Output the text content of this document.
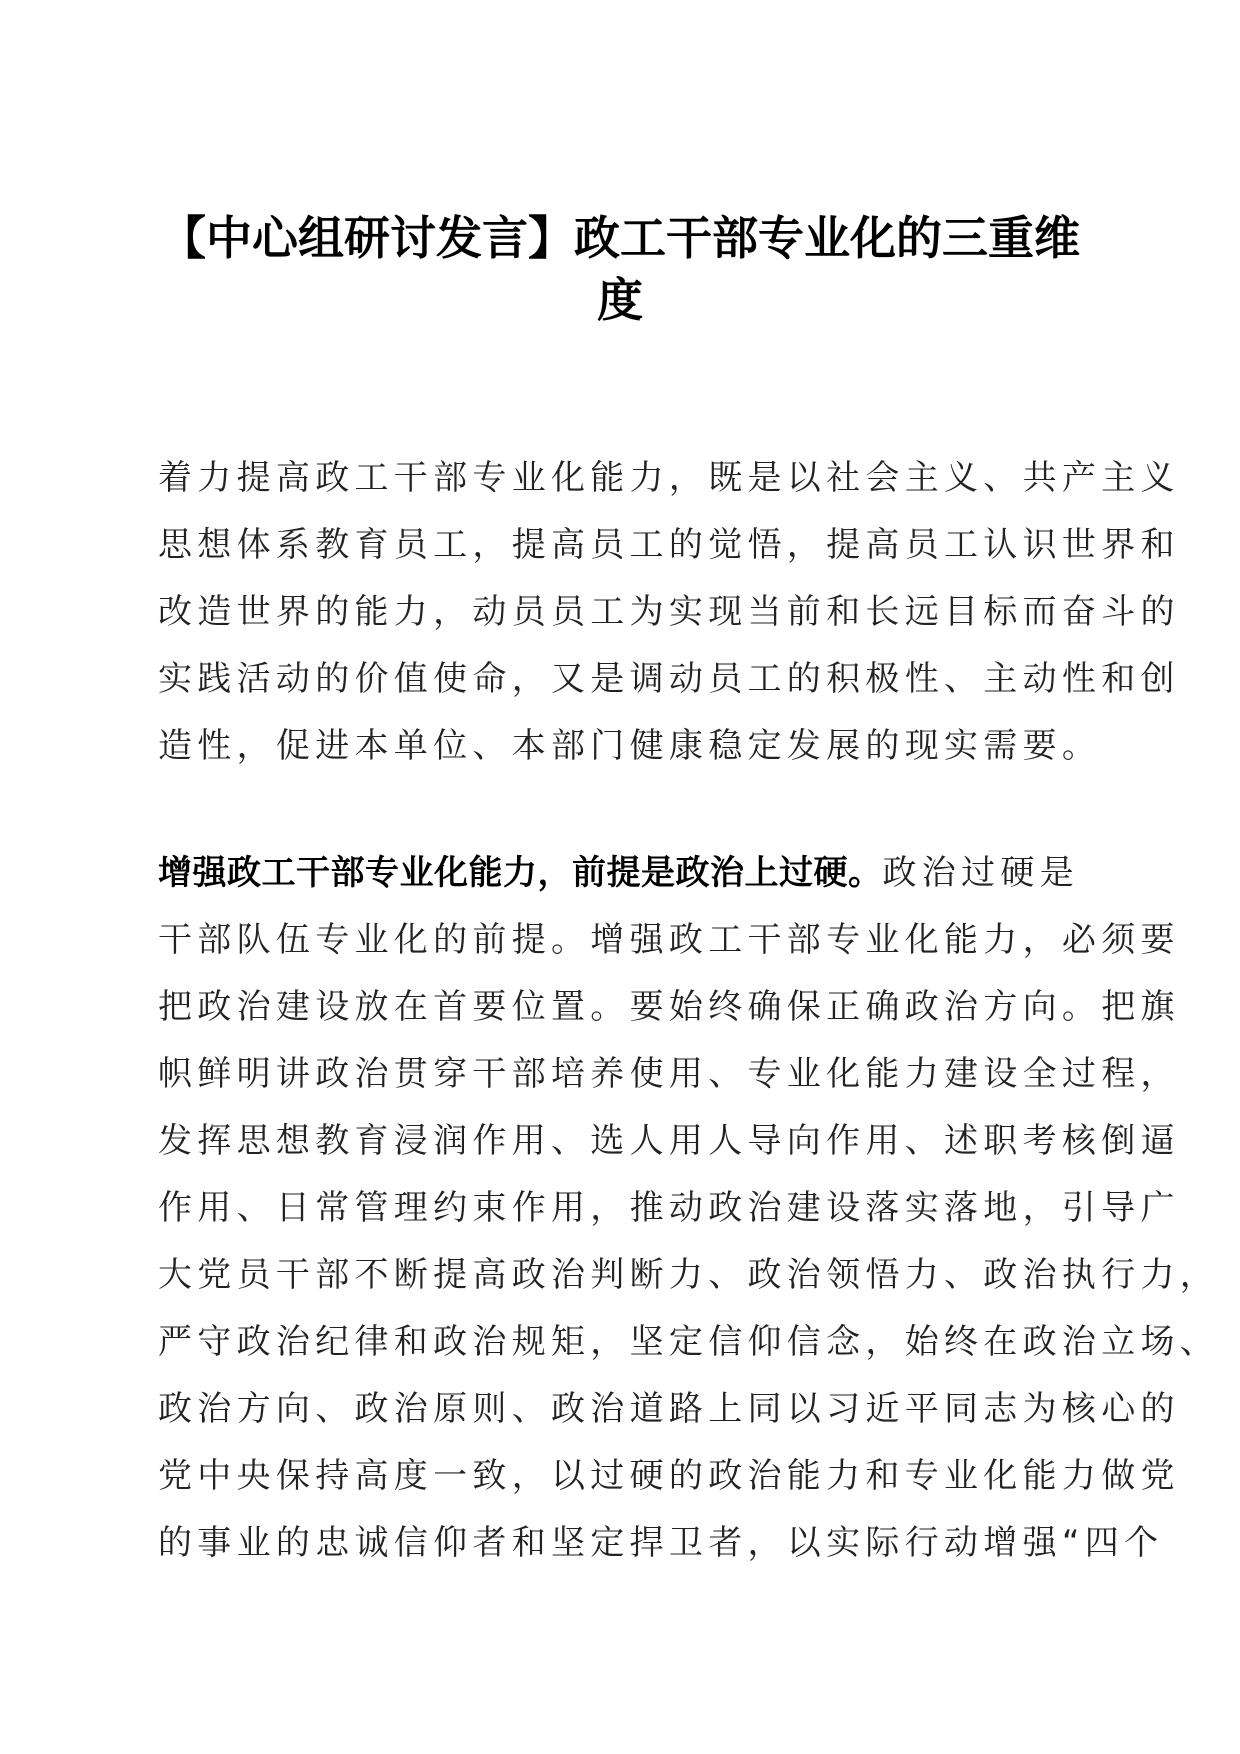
【中心组研讨发言】政工干部专业化的三重维
度
着力提高政工干部专业化能力，既是以社会主义、共产主义
思想体系教育员工，提高员工的觉悟，提高员工认识世界和
改造世界的能力，动员员工为实现当前和长远目标而奋斗的
实践活动的价值使命，又是调动员工的积极性、主动性和创
造性，促进本单位、本部门健康稳定发展的现实需要。
增强政工干部专业化能力，前提是政治上过硬。政治过硬是
干部队伍专业化的前提。增强政工干部专业化能力，必须要
把政治建设放在首要位置。要始终确保正确政治方向。把旗
帜鲜明讲政治贯穿干部培养使用、专业化能力建设全过程，
发挥思想教育浸润作用、选人用人导向作用、述职考核倒逼
作用、日常管理约束作用，推动政治建设落实落地，引导广
大党员干部不断提高政治判断力、政治领悟力、政治执行力，
严守政治纪律和政治规矩，坚定信仰信念，始终在政治立场、
政治方向、政治原则、政治道路上同以习近平同志为核心的
党中央保持高度一致，以过硬的政治能力和专业化能力做党
的事业的忠诚信仰者和坚定捍卫者，以实际行动增强“四个
